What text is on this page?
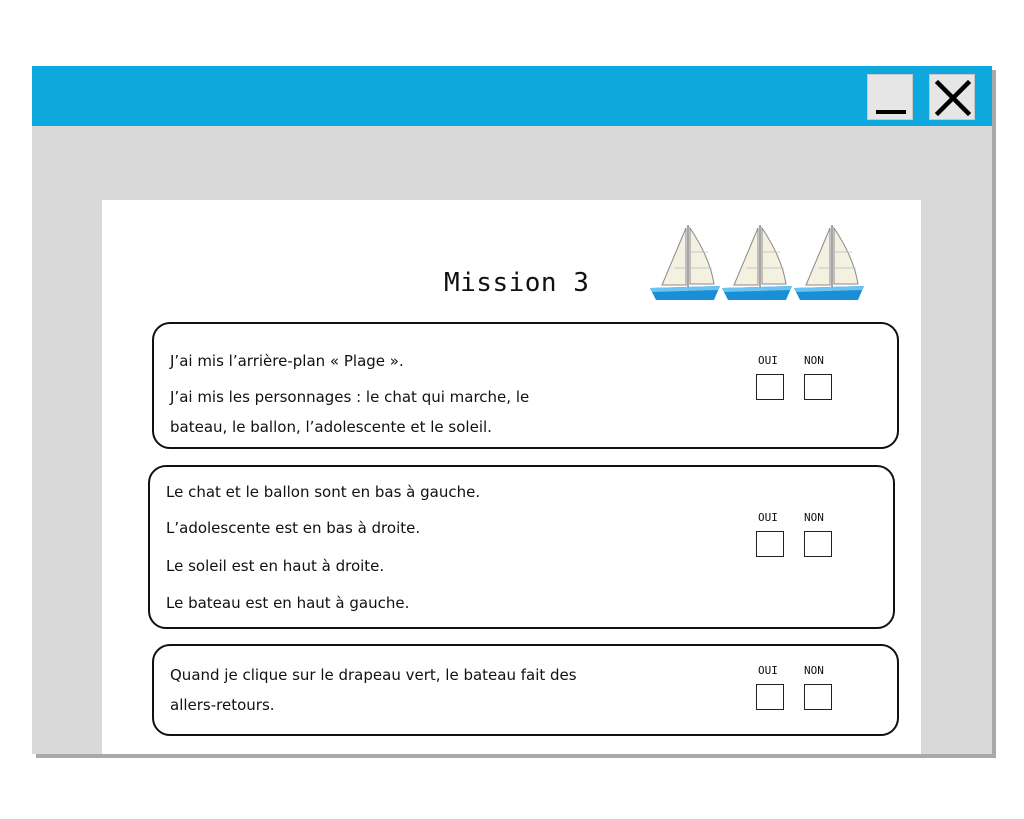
Mission 3
J’ai mis l’arrière-plan « Plage ».
J’ai mis les personnages : le chat qui marche, le
bateau, le ballon, l’adolescente et le soleil.
OUI NON
Le chat et le ballon sont en bas à gauche.
L’adolescente est en bas à droite.
Le soleil est en haut à droite.
Le bateau est en haut à gauche.
OUI NON
Quand je clique sur le drapeau vert, le bateau fait des
allers-retours.
OUI NON
